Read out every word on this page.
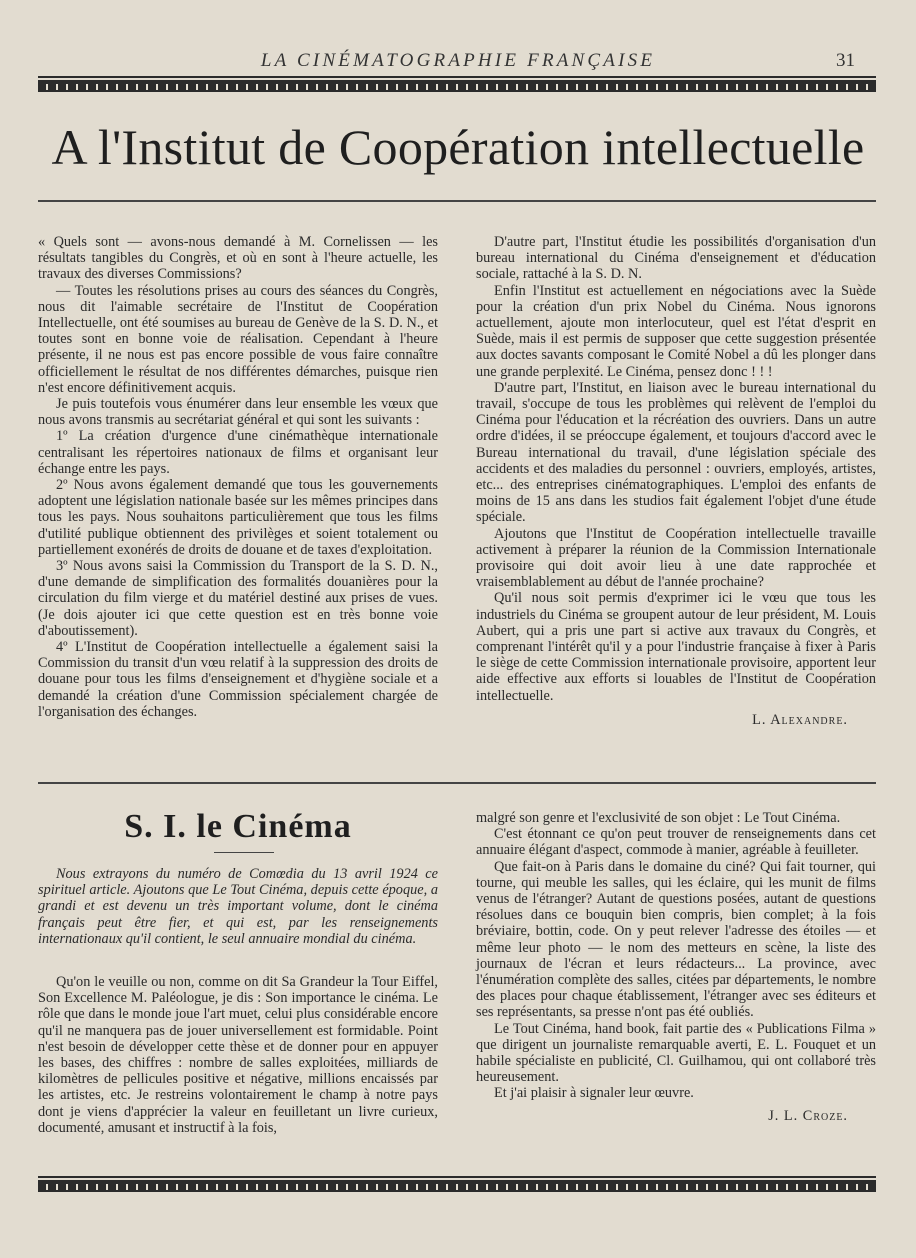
LA CINÉMATOGRAPHIE FRANÇAISE	31
A l'Institut de Coopération intellectuelle

« Quels sont — avons-nous demandé à M. Cornelissen — les résultats tangibles du Congrès, et où en sont à l'heure actuelle, les travaux des diverses Commissions?

— Toutes les résolutions prises au cours des séances du Congrès, nous dit l'aimable secrétaire de l'Institut de Coopération Intellectuelle, ont été soumises au bureau de Genève de la S. D. N., et toutes sont en bonne voie de réalisation. Cependant à l'heure présente, il ne nous est pas encore possible de vous faire connaître officiellement le résultat de nos différentes démarches, puisque rien n'est encore définitivement acquis.

Je puis toutefois vous énumérer dans leur ensemble les vœux que nous avons transmis au secrétariat général et qui sont les suivants :

1º La création d'urgence d'une cinémathèque internationale centralisant les répertoires nationaux de films et organisant leur échange entre les pays.

2º Nous avons également demandé que tous les gouvernements adoptent une législation nationale basée sur les mêmes principes dans tous les pays. Nous souhaitons particulièrement que tous les films d'utilité publique obtiennent des privilèges et soient totalement ou partiellement exonérés de droits de douane et de taxes d'exploitation.

3º Nous avons saisi la Commission du Transport de la S. D. N., d'une demande de simplification des formalités douanières pour la circulation du film vierge et du matériel destiné aux prises de vues. (Je dois ajouter ici que cette question est en très bonne voie d'aboutissement).

4º L'Institut de Coopération intellectuelle a également saisi la Commission du transit d'un vœu relatif à la suppression des droits de douane pour tous les films d'enseignement et d'hygiène sociale et a demandé la création d'une Commission spécialement chargée de l'organisation des échanges.

D'autre part, l'Institut étudie les possibilités d'organisation d'un bureau international du Cinéma d'enseignement et d'éducation sociale, rattaché à la S. D. N.

Enfin l'Institut est actuellement en négociations avec la Suède pour la création d'un prix Nobel du Cinéma. Nous ignorons actuellement, ajoute mon interlocuteur, quel est l'état d'esprit en Suède, mais il est permis de supposer que cette suggestion présentée aux doctes savants composant le Comité Nobel a dû les plonger dans une grande perplexité. Le Cinéma, pensez donc ! ! !

D'autre part, l'Institut, en liaison avec le bureau international du travail, s'occupe de tous les problèmes qui relèvent de l'emploi du Cinéma pour l'éducation et la récréation des ouvriers. Dans un autre ordre d'idées, il se préoccupe également, et toujours d'accord avec le Bureau international du travail, d'une législation spéciale des accidents et des maladies du personnel : ouvriers, employés, artistes, etc... des entreprises cinématographiques. L'emploi des enfants de moins de 15 ans dans les studios fait également l'objet d'une étude spéciale.

Ajoutons que l'Institut de Coopération intellectuelle travaille activement à préparer la réunion de la Commission Internationale provisoire qui doit avoir lieu à une date rapprochée et vraisemblablement au début de l'année prochaine?

Qu'il nous soit permis d'exprimer ici le vœu que tous les industriels du Cinéma se groupent autour de leur président, M. Louis Aubert, qui a pris une part si active aux travaux du Congrès, et comprenant l'intérêt qu'il y a pour l'industrie française à fixer à Paris le siège de cette Commission internationale provisoire, apportent leur aide effective aux efforts si louables de l'Institut de Coopération intellectuelle.

L. Alexandre.
S. I. le Cinéma

Nous extrayons du numéro de Comœdia du 13 avril 1924 ce spirituel article. Ajoutons que Le Tout Cinéma, depuis cette époque, a grandi et est devenu un très important volume, dont le cinéma français peut être fier, et qui est, par les renseignements internationaux qu'il contient, le seul annuaire mondial du cinéma.

Qu'on le veuille ou non, comme on dit Sa Grandeur la Tour Eiffel, Son Excellence M. Paléologue, je dis : Son importance le cinéma. Le rôle que dans le monde joue l'art muet, celui plus considérable encore qu'il ne manquera pas de jouer universellement est formidable. Point n'est besoin de développer cette thèse et de donner pour en appuyer les bases, des chiffres : nombre de salles exploitées, milliards de kilomètres de pellicules positive et négative, millions encaissés par les artistes, etc. Je restreins volontairement le champ à notre pays dont je viens d'apprécier la valeur en feuilletant un livre curieux, documenté, amusant et instructif à la fois,

malgré son genre et l'exclusivité de son objet : Le Tout Cinéma.

C'est étonnant ce qu'on peut trouver de renseignements dans cet annuaire élégant d'aspect, commode à manier, agréable à feuilleter.

Que fait-on à Paris dans le domaine du ciné? Qui fait tourner, qui tourne, qui meuble les salles, qui les éclaire, qui les munit de films venus de l'étranger? Autant de questions posées, autant de questions résolues dans ce bouquin bien compris, bien complet; à la fois bréviaire, bottin, code. On y peut relever l'adresse des étoiles — et même leur photo — le nom des metteurs en scène, la liste des journaux de l'écran et leurs rédacteurs... La province, avec l'énumération complète des salles, citées par départements, le nombre des places pour chaque établissement, l'étranger avec ses éditeurs et ses représentants, sa presse n'ont pas été oubliés.

Le Tout Cinéma, hand book, fait partie des « Publications Filma » que dirigent un journaliste remarquable averti, E. L. Fouquet et un habile spécialiste en publicité, Cl. Guilhamou, qui ont collaboré très heureusement.

Et j'ai plaisir à signaler leur œuvre.

J. L. Croze.
